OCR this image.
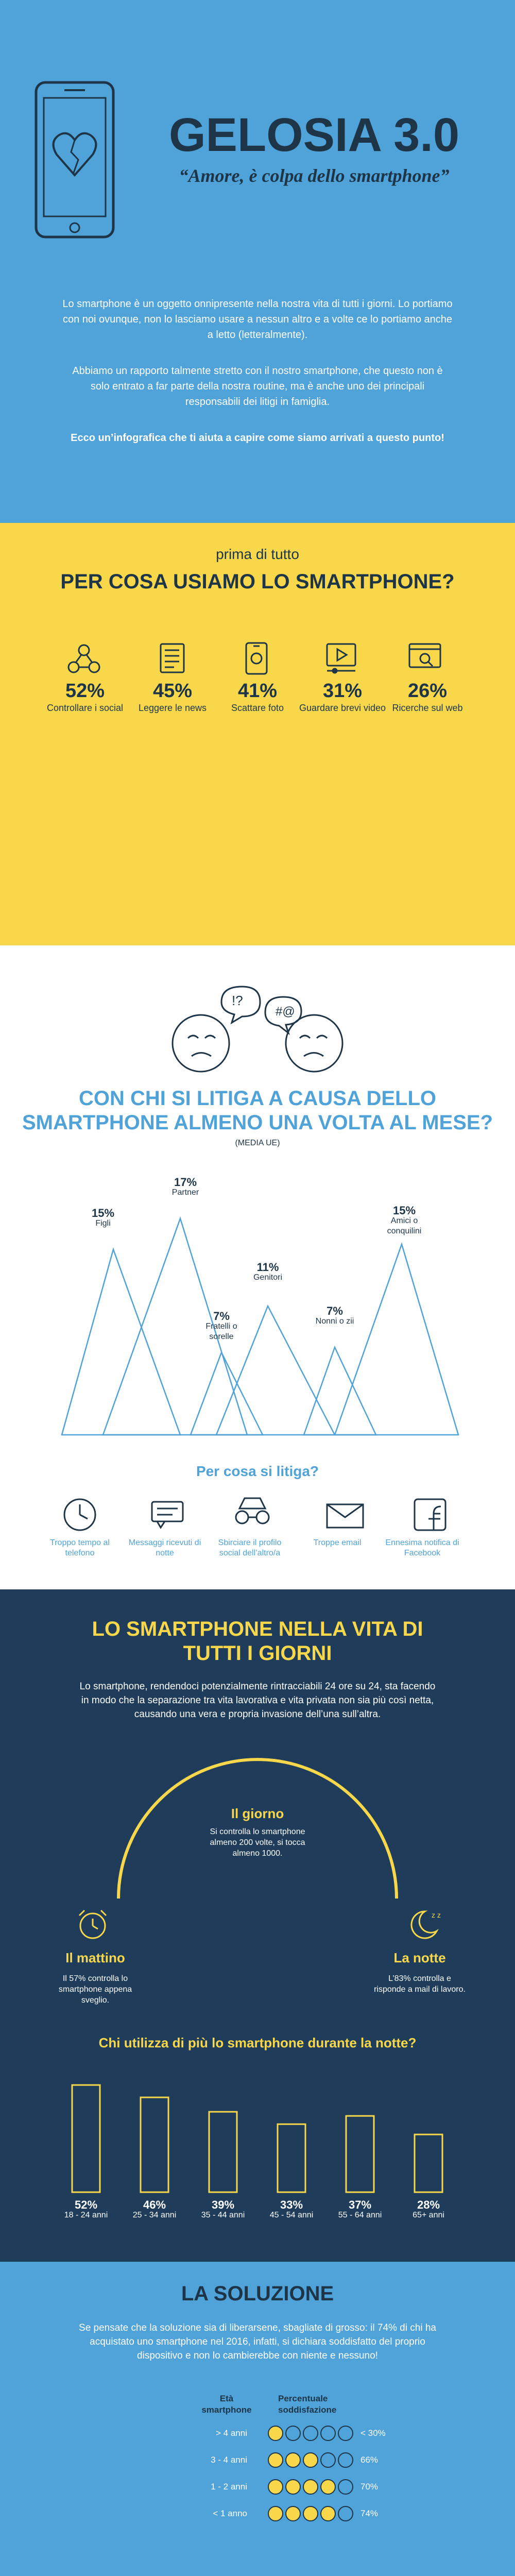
GELOSIA 3.0
“Amore, è colpa dello smartphone”
Lo smartphone è un oggetto onnipresente nella nostra vita di tutti i giorni. Lo portiamo con noi ovunque, non lo lasciamo usare a nessun altro e a volte ce lo portiamo anche a letto (letteralmente).
Abbiamo un rapporto talmente stretto con il nostro smartphone, che questo non è solo entrato a far parte della nostra routine, ma è anche uno dei principali responsabili dei litigi in famiglia.
Ecco un’infografica che ti aiuta a capire come siamo arrivati a questo punto!
prima di tutto
PER COSA USIAMO LO SMARTPHONE?
52%
Controllare i social
45%
Leggere le news
41%
Scattare foto
31%
Guardare brevi video
26%
Ricerche sul web
!?
#@
CON CHI SI LITIGA A CAUSA DELLO
SMARTPHONE ALMENO UNA VOLTA AL MESE?
(MEDIA UE)
15%
Figli
17%
Partner
7%
Fratelli o sorelle
11%
Genitori
7%
Nonni o zii
15%
Amici o conquilini
Per cosa si litiga?
Troppo tempo al telefono
Messaggi ricevuti di notte
Sbirciare il profilo social dell’altro/a
Troppe email	Ennesima notifica di Facebook
LO SMARTPHONE NELLA VITA DI
TUTTI I GIORNI
Lo smartphone, rendendoci potenzialmente rintracciabili 24 ore su 24, sta facendo in modo che la separazione tra vita lavorativa e vita privata non sia più così netta, causando una vera e propria invasione dell’una sull’altra.
Il giorno
Si controlla lo smartphone almeno 200 volte, si tocca almeno 1000.
Il mattino
Il 57% controlla lo smartphone appena sveglio.
z z
La notte
L’83% controlla e risponde a mail di lavoro.
Chi utilizza di più lo smartphone durante la notte?
52%
18 - 24 anni
46%
25 - 34 anni
39%
35 - 44 anni
33%
45 - 54 anni
37%
55 - 64 anni
28%
65+ anni
LA SOLUZIONE
Se pensate che la soluzione sia di liberarsene, sbagliate di grosso: il 74% di chi ha acquistato uno smartphone nel 2016, infatti, si dichiara soddisfatto del proprio dispositivo e non lo cambierebbe con niente e nessuno!
Età smartphone
Percentuale soddisfazione
> 4 anni	< 30%
3 - 4 anni	66%
1 - 2 anni	70%
< 1 anno	74%
